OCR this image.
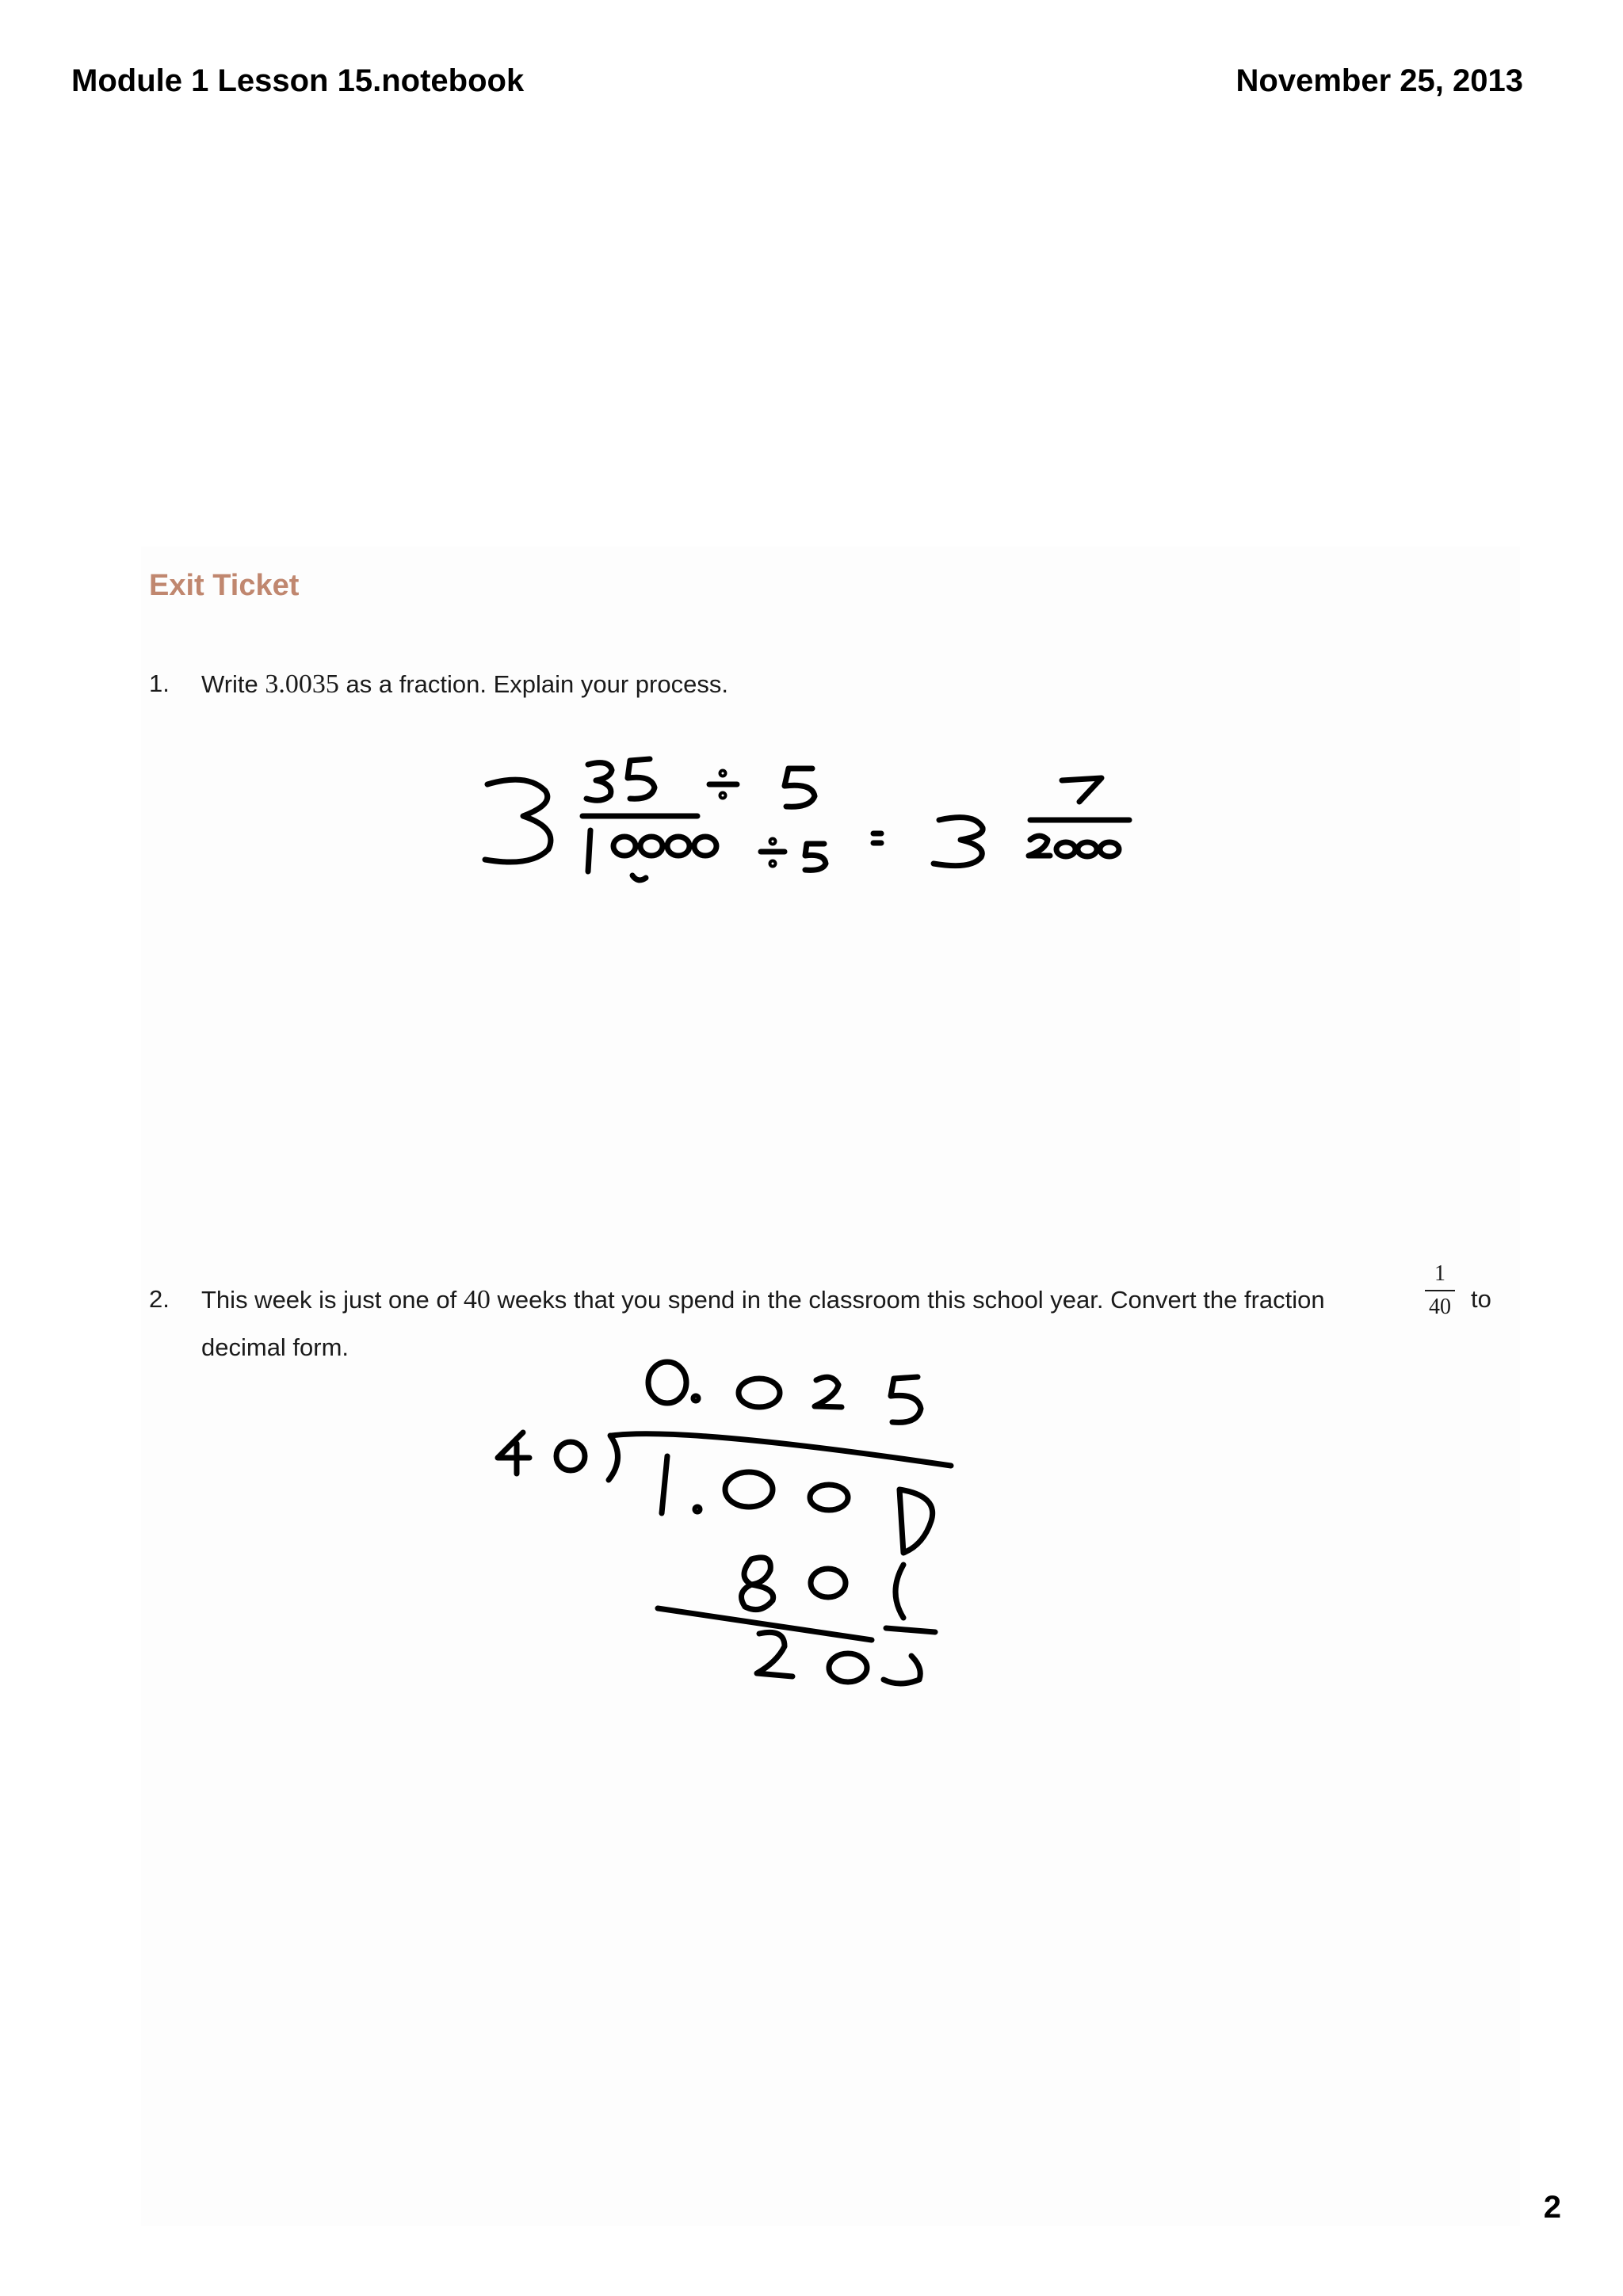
Module 1 Lesson 15.notebook	November 25, 2013
Exit Ticket
1. Write 3.0035 as a fraction. Explain your process.
2. This week is just one of 40 weeks that you spend in the classroom this school year. Convert the fraction
1
40 to
decimal form.
2
